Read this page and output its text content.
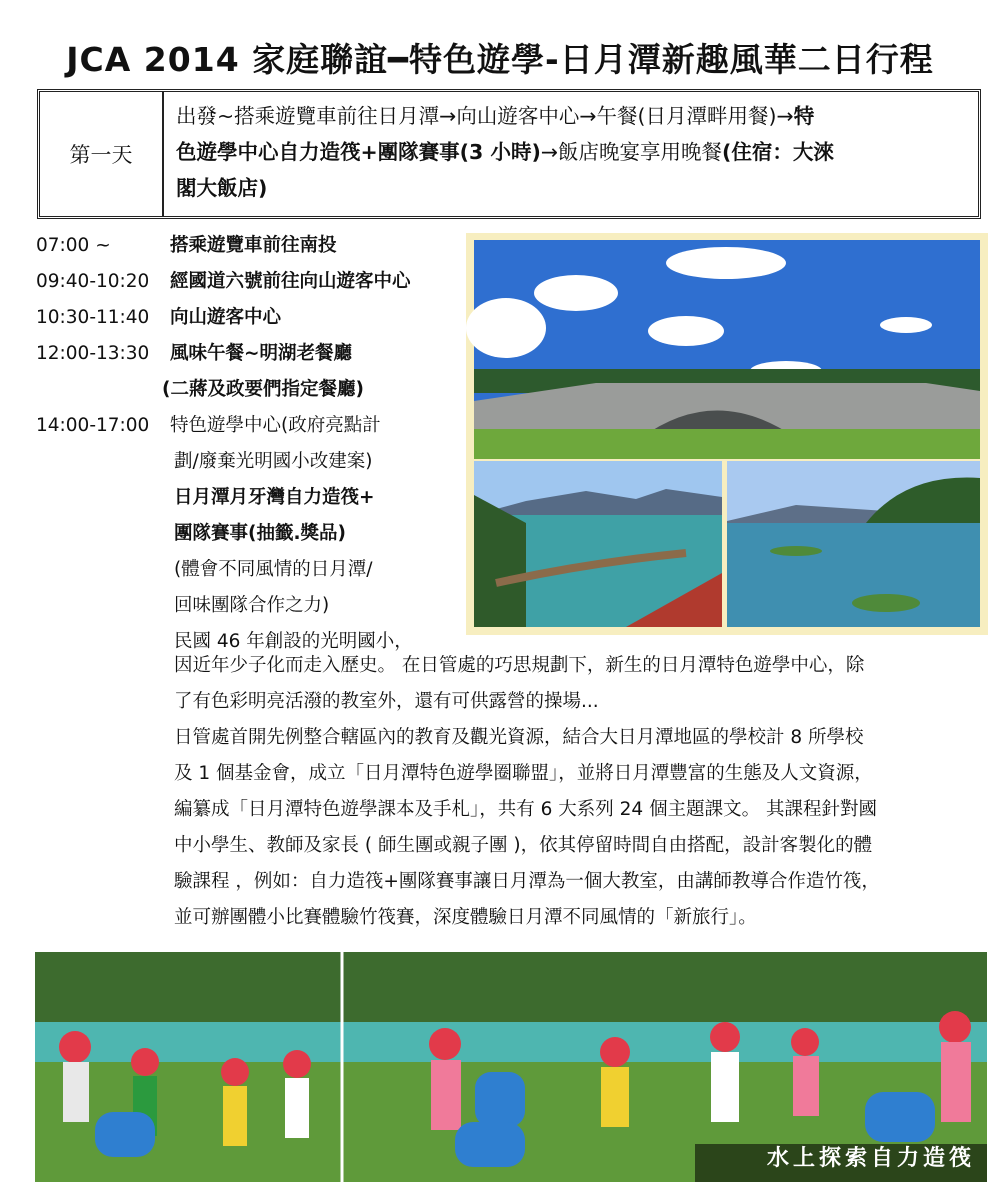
JCA 2014 家庭聯誼━特色遊學-日月潭新趣風華二日行程
第一天
出發~搭乘遊覽車前往日月潭→向山遊客中心→午餐(日月潭畔用餐)→特
色遊學中心自力造筏+團隊賽事(3 小時)→飯店晚宴享用晚餐(住宿：大淶
閣大飯店)
07:00 ~	搭乘遊覽車前往南投
09:40-10:20	經國道六號前往向山遊客中心
10:30-11:40	向山遊客中心
12:00-13:30	風味午餐~明湖老餐廳
(二蔣及政要們指定餐廳)
14:00-17:00	特色遊學中心(政府亮點計
劃/廢棄光明國小改建案)
日月潭月牙灣自力造筏+
團隊賽事(抽籤.獎品)
(體會不同風情的日月潭/
回味團隊合作之力)
民國 46 年創設的光明國小，
因近年少子化而走入歷史。 在日管處的巧思規劃下，新生的日月潭特色遊學中心，除
了有色彩明亮活潑的教室外，還有可供露營的操場...
日管處首開先例整合轄區內的教育及觀光資源，結合大日月潭地區的學校計 8 所學校
及 1 個基金會，成立「日月潭特色遊學圈聯盟」，並將日月潭豐富的生態及人文資源，
編纂成「日月潭特色遊學課本及手札」，共有 6 大系列 24 個主題課文。 其課程針對國
中小學生、教師及家長 ( 師生團或親子團 )，依其停留時間自由搭配，設計客製化的體
驗課程 ，例如：自力造筏+團隊賽事讓日月潭為一個大教室，由講師教導合作造竹筏，
並可辦團體小比賽體驗竹筏賽，深度體驗日月潭不同風情的「新旅行」。
水上探索自力造筏
